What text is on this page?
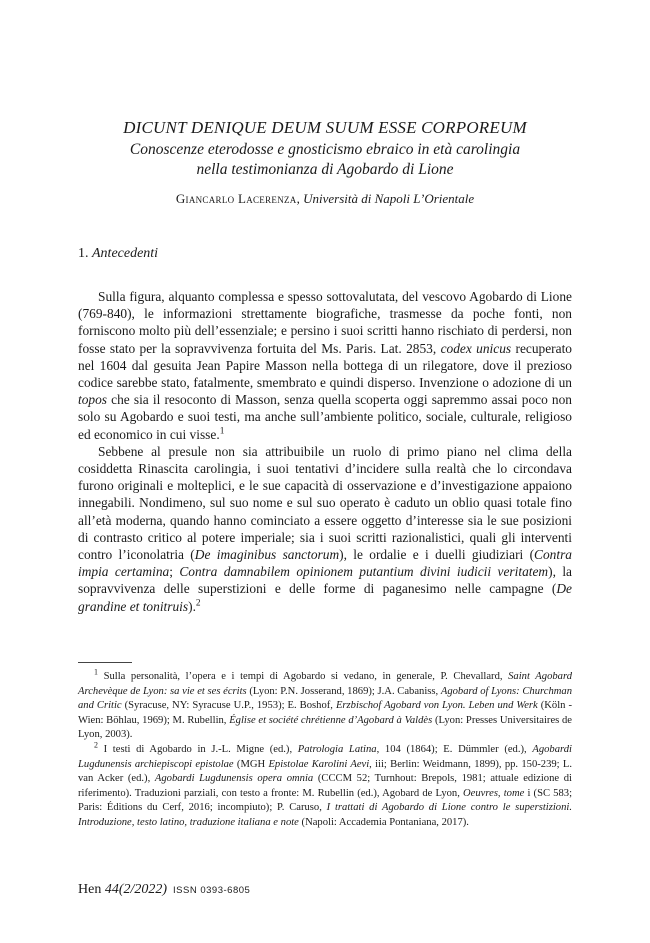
DICUNT DENIQUE DEUM SUUM ESSE CORPOREUM
Conoscenze eterodosse e gnosticismo ebraico in età carolingia
nella testimonianza di Agobardo di Lione
Giancarlo Lacerenza, Università di Napoli L’Orientale
1. Antecedenti

Sulla figura, alquanto complessa e spesso sottovalutata, del vescovo Agobardo di Lione (769-840), le informazioni strettamente biografiche, trasmesse da poche fonti, non forniscono molto più dell’essenziale; e persino i suoi scritti hanno rischiato di perdersi, non fosse stato per la sopravvivenza fortuita del Ms. Paris. Lat. 2853, codex unicus recuperato nel 1604 dal gesuita Jean Papire Masson nella bottega di un rilegatore, dove il prezioso codice sarebbe stato, fatalmente, smembrato e quindi disperso. Invenzione o adozione di un topos che sia il resoconto di Masson, senza quella scoperta oggi sapremmo assai poco non solo su Agobardo e suoi testi, ma anche sull’ambiente politico, sociale, culturale, religioso ed economico in cui visse.$^1$

Sebbene al presule non sia attribuibile un ruolo di primo piano nel clima della cosiddetta Rinascita carolingia, i suoi tentativi d’incidere sulla realtà che lo circondava furono originali e molteplici, e le sue capacità di osservazione e d’investigazione appaiono innegabili. Nondimeno, sul suo nome e sul suo operato è caduto un oblio quasi totale fino all’età moderna, quando hanno cominciato a essere oggetto d’interesse sia le sue posizioni di contrasto critico al potere imperiale; sia i suoi scritti razionalistici, quali gli interventi contro l’iconolatria (De imaginibus sanctorum), le ordalie e i duelli giudiziari (Contra impia certamina; Contra damnabilem opinionem putantium divini iudicii veritatem), la sopravvivenza delle superstizioni e delle forme di paganesimo nelle campagne (De grandine et tonitruis).$^2$

$^1$ Sulla personalità, l’opera e i tempi di Agobardo si vedano, in generale, P. Chevallard, Saint Agobard Archevèque de Lyon: sa vie et ses écrits (Lyon: P.N. Josserand, 1869); J.A. Cabaniss, Agobard of Lyons: Churchman and Critic (Syracuse, NY: Syracuse U.P., 1953); E. Boshof, Erzbischof Agobard von Lyon. Leben und Werk (Köln - Wien: Böhlau, 1969); M. Rubellin, Église et société chrétienne d’Agobard à Valdès (Lyon: Presses Universitaires de Lyon, 2003).

$^2$ I testi di Agobardo in J.-L. Migne (ed.), Patrologia Latina, 104 (1864); E. Dümmler (ed.), Agobardi Lugdunensis archiepiscopi epistolae (MGH Epistolae Karolini Aevi, iii; Berlin: Weidmann, 1899), pp. 150-239; L. van Acker (ed.), Agobardi Lugdunensis opera omnia (CCCM 52; Turnhout: Brepols, 1981; attuale edizione di riferimento). Traduzioni parziali, con testo a fronte: M. Rubellin (ed.), Agobard de Lyon, Oeuvres, tome i (SC 583; Paris: Éditions du Cerf, 2016; incompiuto); P. Caruso, I trattati di Agobardo di Lione contro le superstizioni. Introduzione, testo latino, traduzione italiana e note (Napoli: Accademia Pontaniana, 2017).

Hen 44(2/2022) ISSN 0393-6805
